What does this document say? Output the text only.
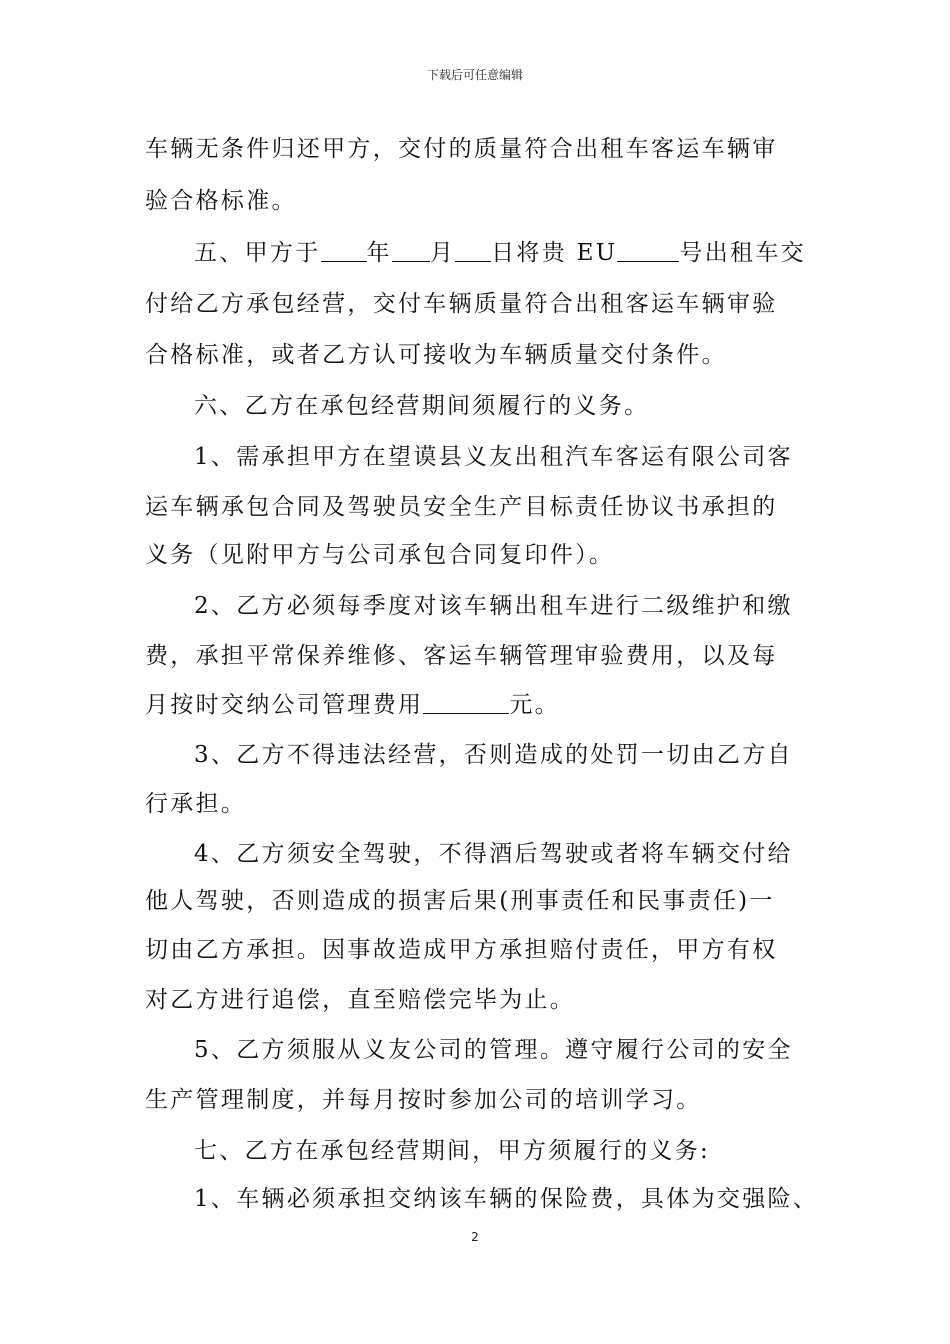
下载后可任意编辑
车辆无条件归还甲方，交付的质量符合出租车客运车辆审
验合格标准。
五、甲方于 年 月 日将贵 EU	号出租车交
付给乙方承包经营，交付车辆质量符合出租客运车辆审验
合格标准，或者乙方认可接收为车辆质量交付条件。
六、乙方在承包经营期间须履行的义务。
1、需承担甲方在望谟县义友出租汽车客运有限公司客
运车辆承包合同及驾驶员安全生产目标责任协议书承担的
义务（见附甲方与公司承包合同复印件）。
2、乙方必须每季度对该车辆出租车进行二级维护和缴
费，承担平常保养维修、客运车辆管理审验费用，以及每
月按时交纳公司管理费用	元。
3、乙方不得违法经营，否则造成的处罚一切由乙方自
行承担。
4、乙方须安全驾驶，不得酒后驾驶或者将车辆交付给
他人驾驶，否则造成的损害后果(刑事责任和民事责任)一
切由乙方承担。因事故造成甲方承担赔付责任，甲方有权
对乙方进行追偿，直至赔偿完毕为止。
5、乙方须服从义友公司的管理。遵守履行公司的安全
生产管理制度，并每月按时参加公司的培训学习。
七、乙方在承包经营期间，甲方须履行的义务:
1、车辆必须承担交纳该车辆的保险费，具体为交强险、
2
